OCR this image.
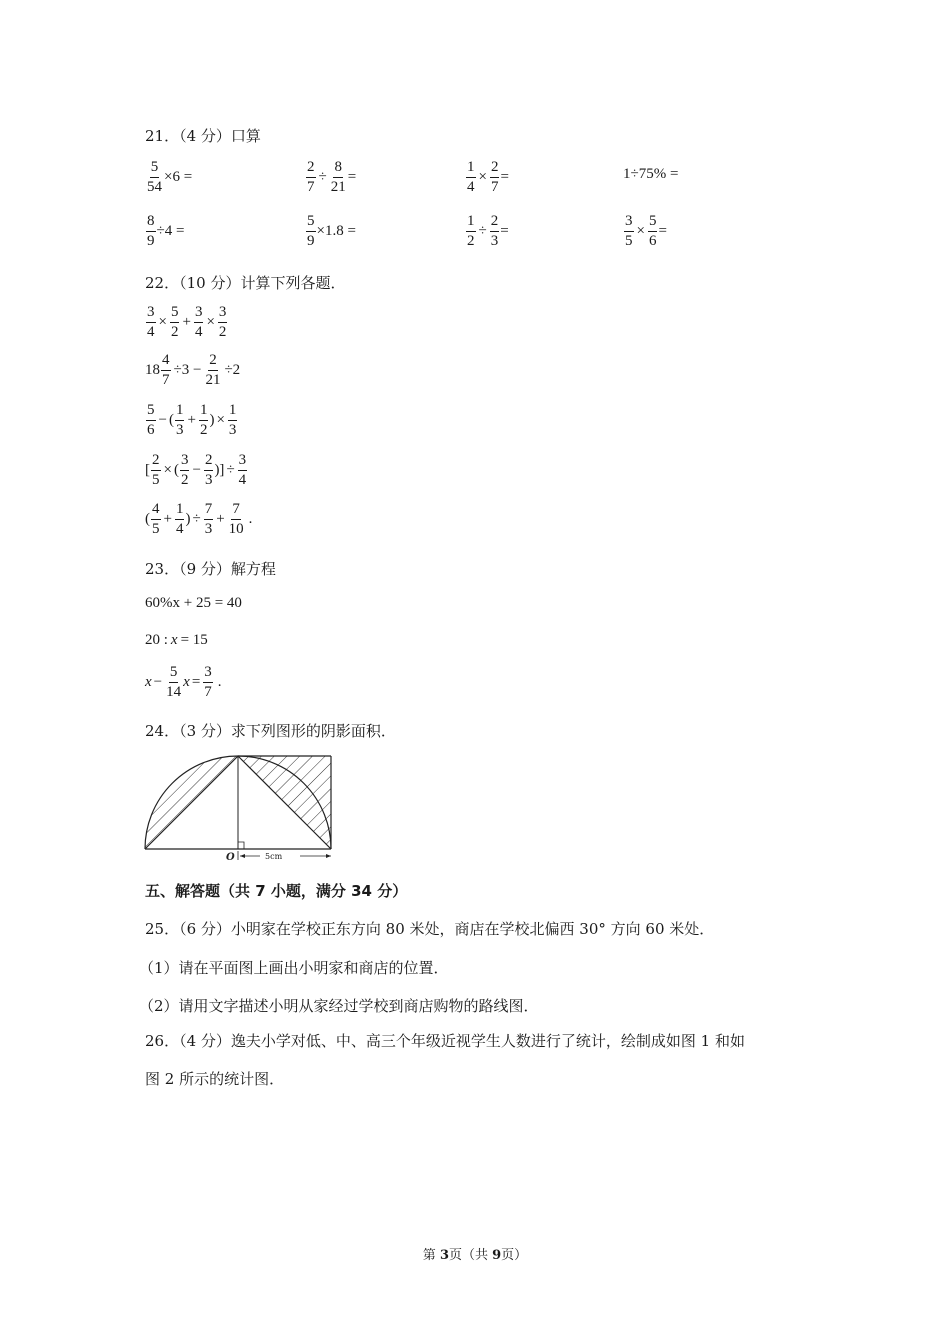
21．（4 分）口算
$\frac{5}{54} \times 6$ =	$\frac{2}{7} \div \frac{8}{21}$ =	$\frac{1}{4} \times \frac{2}{7}$ =	1÷75% =
$\frac{8}{9} \div 4$ =	$\frac{5}{9} \times 1.8$ =	$\frac{1}{2} \div \frac{2}{3}$ =	$\frac{3}{5} \times \frac{5}{6}$ =
22．（10 分）计算下列各题．
$\frac{3}{4} \times \frac{5}{2} + \frac{3}{4} \times \frac{3}{2}$
$18 \frac{4}{7} \div 3 - \frac{2}{21} \div 2$
5
6
− (
1
3
+ $\frac{1}{2}$ ) × $\frac{1}{3}$
[ $\frac{2}{5}$ × (
3
2
− $\frac{2}{3}$ )] ÷ $\frac{3}{4}$
(
4
5
+ $\frac{1}{4}$ ) ÷ $\frac{7}{3} + \frac{7}{10}$ .
23．（9 分）解方程
60%x + 25 = 40
20 : x = 15
$x - \frac{5}{14}$ $x = \frac{3}{7}$ .
24．（3 分）求下列图形的阴影面积．
O	5cm
五、解答题（共 7 小题，满分 34 分）
25．（6 分）小明家在学校正东方向 80 米处，商店在学校北偏西 30° 方向 60 米处．
（1）请在平面图上画出小明家和商店的位置．
（2）请用文字描述小明从家经过学校到商店购物的路线图．
26．（4 分）逸夫小学对低、中、高三个年级近视学生人数进行了统计，绘制成如图 1 和如
图 2 所示的统计图．
第 3页（共 9页）
